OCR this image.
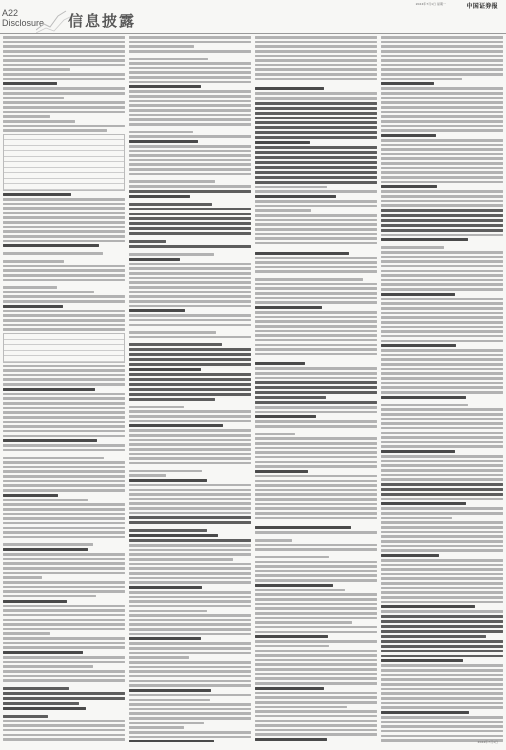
2024年7月1日 星期一	中国证券报
A22
Disclosure 信息披露
2024年7月1日
